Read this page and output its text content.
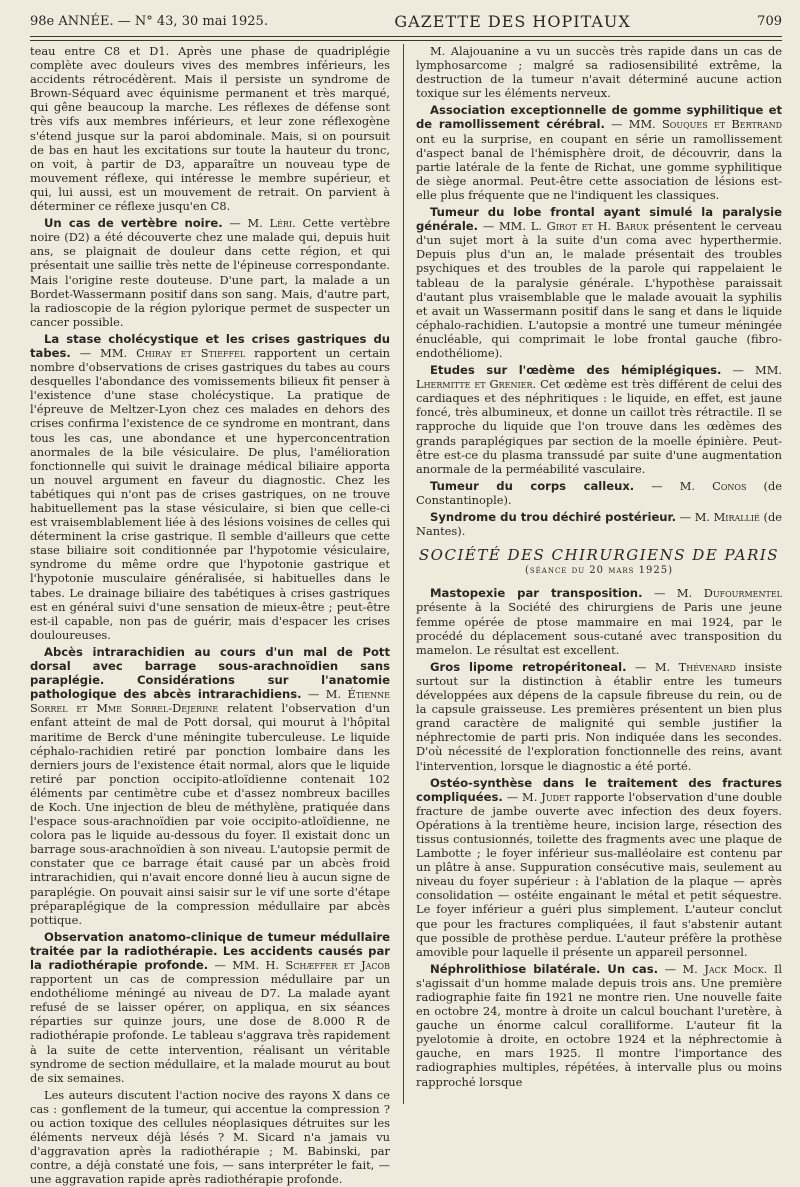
98e ANNÉE. — N° 43, 30 mai 1925.	GAZETTE DES HOPITAUX	709

teau entre C8 et D1. Après une phase de quadriplégie complète avec douleurs vives des membres inférieurs, les accidents rétrocédèrent. Mais il persiste un syndrome de Brown-Séquard avec équinisme permanent et très marqué, qui gêne beaucoup la marche. Les réflexes de défense sont très vifs aux membres inférieurs, et leur zone réflexogène s'étend jusque sur la paroi abdominale. Mais, si on poursuit de bas en haut les excitations sur toute la hauteur du tronc, on voit, à partir de D3, apparaître un nouveau type de mouvement réflexe, qui intéresse le membre supérieur, et qui, lui aussi, est un mouvement de retrait. On parvient à déterminer ce réflexe jusqu'en C8.

Un cas de vertèbre noire. — M. Léri. Cette vertèbre noire (D2) a été découverte chez une malade qui, depuis huit ans, se plaignait de douleur dans cette région, et qui présentait une saillie très nette de l'épineuse correspondante. Mais l'origine reste douteuse. D'une part, la malade a un Bordet-Wassermann positif dans son sang. Mais, d'autre part, la radioscopie de la région pylorique permet de suspecter un cancer possible.

La stase cholécystique et les crises gastriques du tabes. — MM. Chiray et Stieffel rapportent un certain nombre d'observations de crises gastriques du tabes au cours desquelles l'abondance des vomissements bilieux fit penser à l'existence d'une stase cholécystique. La pratique de l'épreuve de Meltzer-Lyon chez ces malades en dehors des crises confirma l'existence de ce syndrome en montrant, dans tous les cas, une abondance et une hyperconcentration anormales de la bile vésiculaire. De plus, l'amélioration fonctionnelle qui suivit le drainage médical biliaire apporta un nouvel argument en faveur du diagnostic. Chez les tabétiques qui n'ont pas de crises gastriques, on ne trouve habituellement pas la stase vésiculaire, si bien que celle-ci est vraisemblablement liée à des lésions voisines de celles qui déterminent la crise gastrique. Il semble d'ailleurs que cette stase biliaire soit conditionnée par l'hypotomie vésiculaire, syndrome du même ordre que l'hypotonie gastrique et l'hypotonie musculaire généralisée, si habituelles dans le tabes. Le drainage biliaire des tabétiques à crises gastriques est en général suivi d'une sensation de mieux-être ; peut-être est-il capable, non pas de guérir, mais d'espacer les crises douloureuses.

Abcès intrarachidien au cours d'un mal de Pott dorsal avec barrage sous-arachnoïdien sans paraplégie. Considérations sur l'anatomie pathologique des abcès intrarachidiens. — M. Étienne Sorrel et Mme Sorrel-Dejerine relatent l'observation d'un enfant atteint de mal de Pott dorsal, qui mourut à l'hôpital maritime de Berck d'une méningite tuberculeuse. Le liquide céphalo-rachidien retiré par ponction lombaire dans les derniers jours de l'existence était normal, alors que le liquide retiré par ponction occipito-atloïdienne contenait 102 éléments par centimètre cube et d'assez nombreux bacilles de Koch. Une injection de bleu de méthylène, pratiquée dans l'espace sous-arachnoïdien par voie occipito-atloïdienne, ne colora pas le liquide au-dessous du foyer. Il existait donc un barrage sous-arachnoïdien à son niveau. L'autopsie permit de constater que ce barrage était causé par un abcès froid intrarachidien, qui n'avait encore donné lieu à aucun signe de paraplégie. On pouvait ainsi saisir sur le vif une sorte d'étape préparaplégique de la compression médullaire par abcès pottique.

Observation anatomo-clinique de tumeur médullaire traitée par la radiothérapie. Les accidents causés par la radiothérapie profonde. — MM. H. Schæffer et Jacob rapportent un cas de compression médullaire par un endothéliome méningé au niveau de D7. La malade ayant refusé de se laisser opérer, on appliqua, en six séances réparties sur quinze jours, une dose de 8.000 R de radiothérapie profonde. Le tableau s'aggrava très rapidement à la suite de cette intervention, réalisant un véritable syndrome de section médullaire, et la malade mourut au bout de six semaines.

Les auteurs discutent l'action nocive des rayons X dans ce cas : gonflement de la tumeur, qui accentue la compression ? ou action toxique des cellules néoplasiques détruites sur les éléments nerveux déjà lésés ? M. Sicard n'a jamais vu d'aggravation après la radiothérapie ; M. Babinski, par contre, a déjà constaté une fois, — sans interpréter le fait, — une aggravation rapide après radiothérapie profonde.

M. Alajouanine a vu un succès très rapide dans un cas de lymphosarcome ; malgré sa radiosensibilité extrême, la destruction de la tumeur n'avait déterminé aucune action toxique sur les éléments nerveux.

Association exceptionnelle de gomme syphilitique et de ramollissement cérébral. — MM. Souques et Bertrand ont eu la surprise, en coupant en série un ramollissement d'aspect banal de l'hémisphère droit, de découvrir, dans la partie latérale de la fente de Richat, une gomme syphilitique de siège anormal. Peut-être cette association de lésions est-elle plus fréquente que ne l'indiquent les classiques.

Tumeur du lobe frontal ayant simulé la paralysie générale. — MM. L. Girot et H. Baruk présentent le cerveau d'un sujet mort à la suite d'un coma avec hyperthermie. Depuis plus d'un an, le malade présentait des troubles psychiques et des troubles de la parole qui rappelaient le tableau de la paralysie générale. L'hypothèse paraissait d'autant plus vraisemblable que le malade avouait la syphilis et avait un Wassermann positif dans le sang et dans le liquide céphalo-rachidien. L'autopsie a montré une tumeur méningée énucléable, qui comprimait le lobe frontal gauche (fibro-endothéliome).

Etudes sur l'œdème des hémiplégiques. — MM. Lhermitte et Grenier. Cet œdème est très différent de celui des cardiaques et des néphritiques : le liquide, en effet, est jaune foncé, très albumineux, et donne un caillot très rétractile. Il se rapproche du liquide que l'on trouve dans les œdèmes des grands paraplégiques par section de la moelle épinière. Peut-être est-ce du plasma transsudé par suite d'une augmentation anormale de la perméabilité vasculaire.

Tumeur du corps calleux. — M. Conos (de Constantinople).

Syndrome du trou déchiré postérieur. — M. Mirallié (de Nantes).

SOCIÉTÉ DES CHIRURGIENS DE PARIS
(séance du 20 mars 1925)

Mastopexie par transposition. — M. Dufourmentel présente à la Société des chirurgiens de Paris une jeune femme opérée de ptose mammaire en mai 1924, par le procédé du déplacement sous-cutané avec transposition du mamelon. Le résultat est excellent.

Gros lipome retropéritoneal. — M. Thévenard insiste surtout sur la distinction à établir entre les tumeurs développées aux dépens de la capsule fibreuse du rein, ou de la capsule graisseuse. Les premières présentent un bien plus grand caractère de malignité qui semble justifier la néphrectomie de parti pris. Non indiquée dans les secondes. D'où nécessité de l'exploration fonctionnelle des reins, avant l'intervention, lorsque le diagnostic a été porté.

Ostéo-synthèse dans le traitement des fractures compliquées. — M. Judet rapporte l'observation d'une double fracture de jambe ouverte avec infection des deux foyers. Opérations à la trentième heure, incision large, résection des tissus contusionnés, toilette des fragments avec une plaque de Lambotte ; le foyer inférieur sus-malléolaire est contenu par un plâtre à anse. Suppuration consécutive mais, seulement au niveau du foyer supérieur : à l'ablation de la plaque — après consolidation — ostéite engainant le métal et petit séquestre. Le foyer inférieur a guéri plus simplement. L'auteur conclut que pour les fractures compliquées, il faut s'abstenir autant que possible de prothèse perdue. L'auteur préfère la prothèse amovible pour laquelle il présente un appareil personnel.

Néphrolithiose bilatérale. Un cas. — M. Jack Mock. Il s'agissait d'un homme malade depuis trois ans. Une première radiographie faite fin 1921 ne montre rien. Une nouvelle faite en octobre 24, montre à droite un calcul bouchant l'uretère, à gauche un énorme calcul coralliforme. L'auteur fit la pyelotomie à droite, en octobre 1924 et la néphrectomie à gauche, en mars 1925. Il montre l'importance des radiographies multiples, répétées, à intervalle plus ou moins rapproché lorsque
